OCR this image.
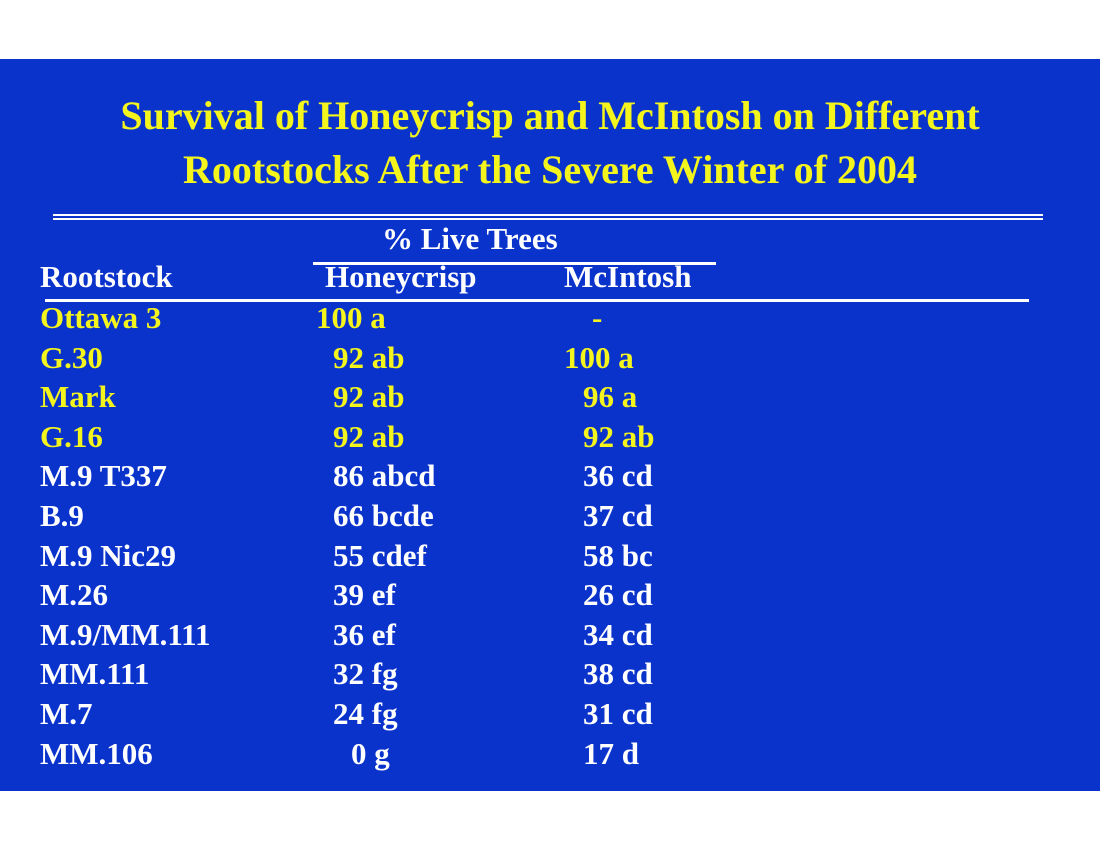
Survival of Honeycrisp and McIntosh on Different
Rootstocks After the Severe Winter of 2004
% Live Trees
Rootstock	Honeycrisp	McIntosh
Ottawa 3	100 a	-
G.30	92 ab	100 a
Mark	92 ab	96 a
G.16	92 ab	92 ab
M.9 T337	86 abcd	36 cd
B.9	66 bcde	37 cd
M.9 Nic29	55 cdef	58 bc
M.26	39 ef	26 cd
M.9/MM.111	36 ef	34 cd
MM.111	32 fg	38 cd
M.7	24 fg	31 cd
MM.106	0 g	17 d
